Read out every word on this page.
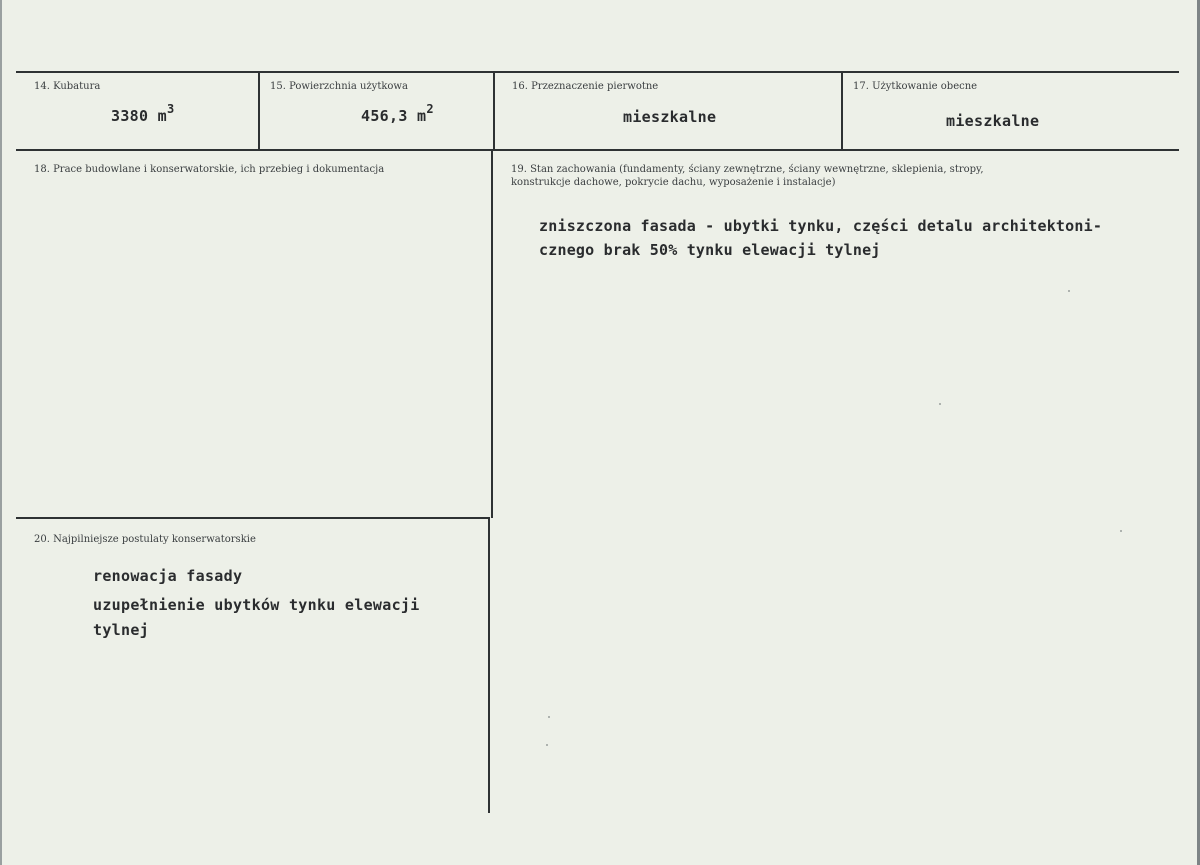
14. Kubatura
3380 $m^3$
15. Powierzchnia użytkowa
456,3 $m^2$
16. Przeznaczenie pierwotne
mieszkalne
17. Użytkowanie obecne
mieszkalne
18. Prace budowlane i konserwatorskie, ich przebieg i dokumentacja	19. Stan zachowania (fundamenty, ściany zewnętrzne, ściany wewnętrzne, sklepienia, stropy,
konstrukcje dachowe, pokrycie dachu, wyposażenie i instalacje)
zniszczona fasada - ubytki tynku, części detalu architektoni-
cznego brak 50% tynku elewacji tylnej
20. Najpilniejsze postulaty konserwatorskie
renowacja fasady
uzupełnienie ubytków tynku elewacji
tylnej
